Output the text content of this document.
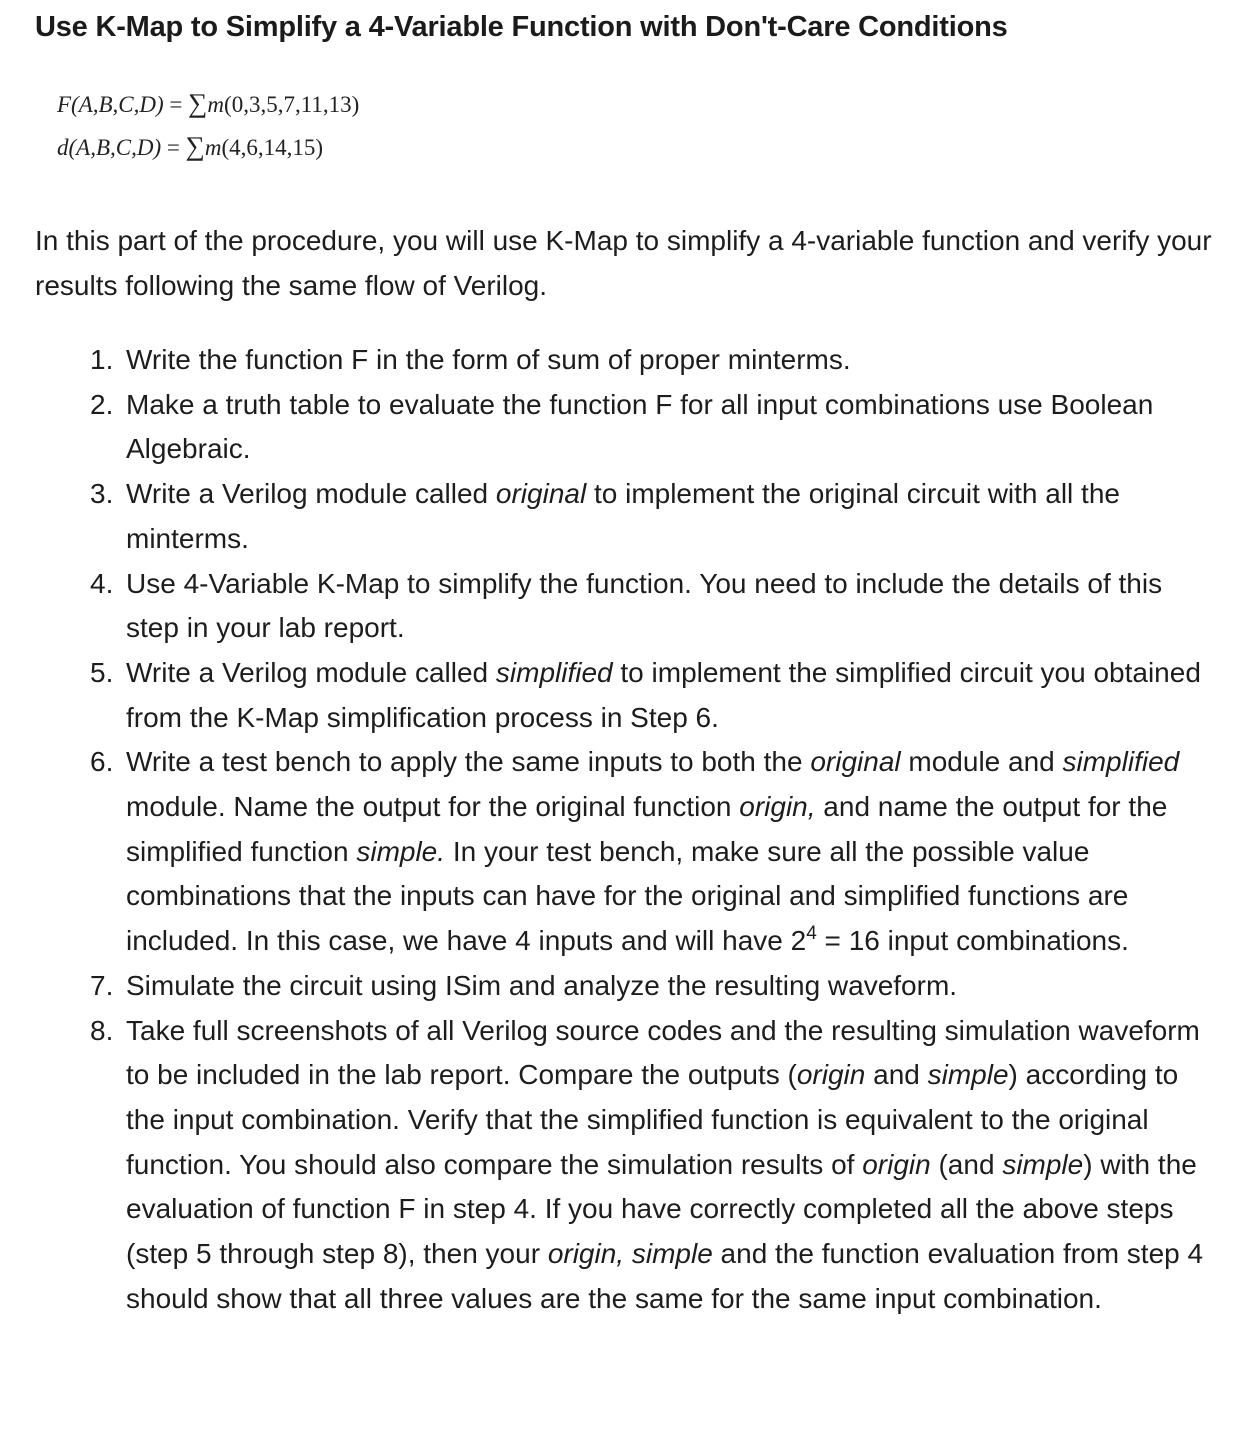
Use K-Map to Simplify a 4-Variable Function with Don't-Care Conditions
F(A,B,C,D) = ∑m(0,3,5,7,11,13)
d(A,B,C,D) = ∑m(4,6,14,15)

In this part of the procedure, you will use K-Map to simplify a 4-variable function and verify your results following the same flow of Verilog.

1. Write the function F in the form of sum of proper minterms.
2. Make a truth table to evaluate the function F for all input combinations use Boolean Algebraic.
3. Write a Verilog module called original to implement the original circuit with all the minterms.
4. Use 4-Variable K-Map to simplify the function. You need to include the details of this step in your lab report.
5. Write a Verilog module called simplified to implement the simplified circuit you obtained from the K-Map simplification process in Step 6.
6. Write a test bench to apply the same inputs to both the original module and simplified module. Name the output for the original function origin, and name the output for the simplified function simple. In your test bench, make sure all the possible value combinations that the inputs can have for the original and simplified functions are included. In this case, we have 4 inputs and will have $2^4 = 16$ input combinations.
7. Simulate the circuit using ISim and analyze the resulting waveform.
8. Take full screenshots of all Verilog source codes and the resulting simulation waveform to be included in the lab report. Compare the outputs (origin and simple) according to the input combination. Verify that the simplified function is equivalent to the original function. You should also compare the simulation results of origin (and simple) with the evaluation of function F in step 4. If you have correctly completed all the above steps (step 5 through step 8), then your origin, simple and the function evaluation from step 4 should show that all three values are the same for the same input combination.
